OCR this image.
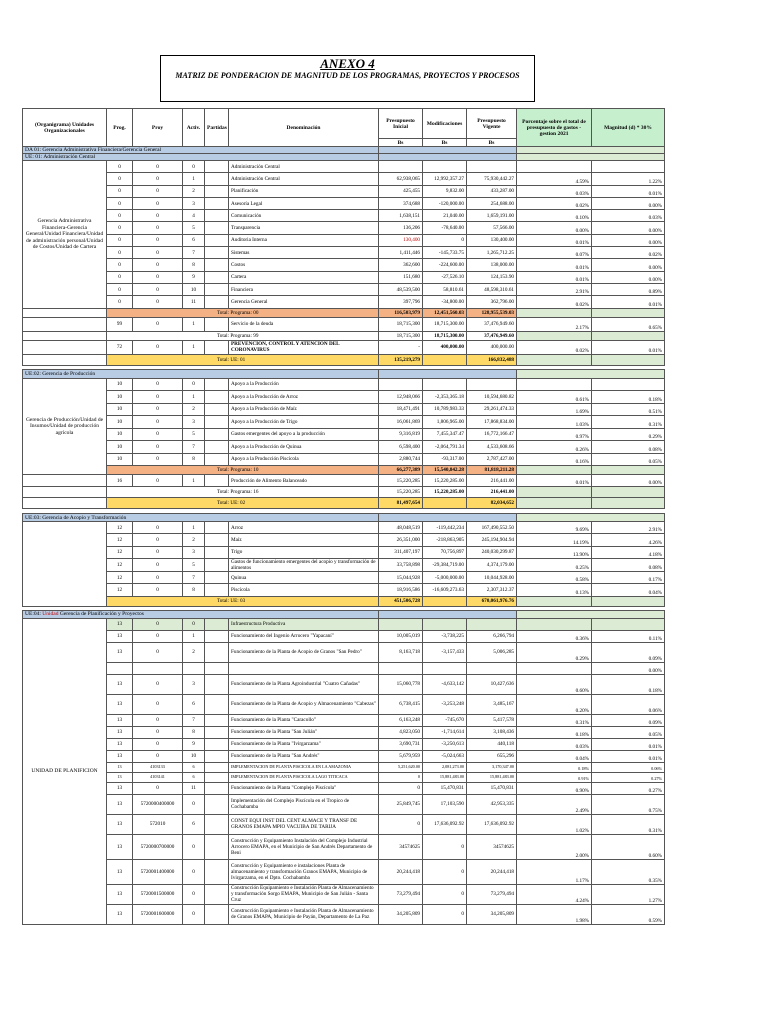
ANEXO 4
MATRIZ DE PONDERACION DE MAGNITUD DE LOS PROGRAMAS, PROYECTOS Y PROCESOS
(Organigrama) Unidades Organizacionales	Prog.	Proy	Activ.	Partidas	Denominación	Presupuesto Inicial	Modificaciones	Presupuesto Vigente	Porcentaje sobre el total de presupuesto de gastos - gestion 2021	Magnitud (d) * 30%
						Bs	Bs	Bs		
DA 01: Gerencia Administrativa Financiera/Gerencia General										
UE: 01: Administración Central										
Gerencia Administrativa Financiera-Gerencia General/Unidad Financiera/Unidad de administración personal/Unidad de Costos/Unidad de Cartera	0	0	0		Administración Central					
	0	0	1		Administración Central	62,938,065	12,992,357.27	75,930,442.27	4.59%	1.22%
	0	0	2		Planificación	425,455	9,832.00	433,287.00	0.03%	0.01%
	0	0	3		Asesoría Legal	374,688	-120,000.00	254,688.00	0.02%	0.00%
	0	0	4		Comunicación	1,638,151	21,040.00	1,659,191.00	0.10%	0.03%
	0	0	5		Transparencia	136,206	-78,640.00	57,566.00	0.00%	0.00%
	0	0	6		Auditoria Interna	130,400	0	130,400.00	0.01%	0.00%
	0	0	7		Sistemas	1,411,446	-145,733.75	1,265,712.25	0.07%	0.02%
	0	0	8		Costos	362,600	-224,600.00	138,000.00	0.01%	0.00%
	0	0	9		Cartera	151,680	-27,526.10	124,153.90	0.01%	0.00%
	0	0	10		Financiera	48,539,500	58,810.61	48,598,310.61	2.91%	0.89%
	0	0	11		Gerencia General	397,796	-34,800.00	362,796.00	0.02%	0.01%
	Total: Programa: 00					116,503,979	12,451,560.03	128,955,539.03		
	99	0	1		Servicio de la deuda	18,715,300	18,715,300.00	37,476,949.60	2.17%	0.65%
	Total: Programa: 99					18,715,300	18,715,300.00	37,476,949.60		
	72	0	1		PREVENCION, CONTROL Y ATENCION DEL CORONAVIRUS	-	400,000.00	400,000.00	0.02%	0.01%
	Total: UE: 01					135,219,279		166,832,488		

UE:02: Gerencia de Producción										
Gerencia de Producción/Unidad de Insumos/Unidad de producción agrícola	10	0	0		Apoyo a la Producción					
	10	0	1		Apoyo a la Producción de Arroz	12,948,066	-2,353,365.18	10,594,680.82	0.61%	0.18%
	10	0	2		Apoyo a la Producción de Maíz	18,471,491	10,789,983.33	29,261,474.33	1.69%	0.51%
	10	0	3		Apoyo a la Producción de Trigo	16,061,869	1,806,965.00	17,868,834.00	1.03%	0.31%
	10	0	5		Gastos emergentes del apoyo a la producción	9,316,819	7,455,347.47	16,772,166.47	0.97%	0.29%
	10	0	7		Apoyo a la Producción de Quinua	6,598,400	-2,064,791.34	4,533,608.66	0.26%	0.08%
	10	0	8		Apoyo a la Producción Piscícola	2,880,744	-93,317.00	2,787,427.00	0.16%	0.05%
	Total: Programa: 10					66,277,389	15,540,842.28	81,818,211.28		
	16	0	1		Producción de Alimento Balanceado	15,220,285	15,220,285.00	216,441.00	0.01%	0.00%
	Total: Programa: 16					15,220,285	15,220,285.00	216,441.00		
	Total: UE: 02					81,497,654		82,034,652		

UE:03: Gerencia de Acopio y Transformación										
	12	0	1		Arroz	48,048,519	-119,442,234	167,490,552.50	9.69%	2.91%
	12	0	2		Maíz	26,351,000	-218,863,905	245,194,904.94	14.19%	4.26%
	12	0	3		Trigo	311,407,197	70,756,897	240,030,299.87	13.90%	4.18%
	12	0	5		Gastos de funcionamiento emergentes del acopio y transformación de alimentos	33,758,898	-29,384,719.00	4,374,179.00	0.25%	0.08%
	12	0	7		Quinua	15,044,928	-5,000,000.00	10,044,928.00	0.58%	0.17%
	12	0	8		Piscícola	18,916,586	-16,609,273.63	2,307,312.37	0.13%	0.04%
	Total: UE: 03					451,506,728		670,061,976.76		

UE:04: Unidad Gerencia de Planificación y Proyectos										
UNIDAD DE PLANIFICION	13	0	0		Infraestructura Productiva					
	13	0	1		Funcionamiento del Ingenio Arrocero "Yapacaní"	10,005,019	-3,738,225	6,266,794	0.36%	0.11%
	13	0	2		Funcionamiento de la Planta de Acopio de Granos "San Pedro"	8,163,718	-3,157,433	5,006,285	0.29%	0.09%
										0.00%
	13	0	3		Funcionamiento de la Planta Agroindustrial "Cuatro Cañadas"	15,060,778	-4,633,142	10,427,636	0.60%	0.18%
	13	0	6		Funcionamiento de la Planta de Acopio y Almacenamiento "Cabezas"	6,738,415	-3,253,248	3,485,167	0.20%	0.06%
	13	0	7		Funcionamiento de la Planta "Caracollo"	6,163,248	-745,670	5,417,578	0.31%	0.09%
	13	0	8		Funcionamiento de la Planta "San Julián"	4,823,050	-1,714,614	3,108,436	0.18%	0.05%
	13	0	9		Funcionamiento de la Planta "Ivirgarzama"	3,690,731	-3,250,613	440,118	0.03%	0.01%
	13	0	10		Funcionamiento de la Planta "San Andrés"	5,679,959	-5,024,663	655,296	0.04%	0.01%
	13	4103133	6		IMPLEMENTACION DE PLANTA PISCICOLA EN LA AMAZONIA	5,251,620.00	2,081,273.00	3,170,347.00	0.18%	0.06%
	13	4103141	6		IMPLEMENTACION DE PLANTA PISCICOLA LAGO TITICACA	0	15,881,483.00	15,881,483.00	0.91%	0.27%
	13	0	11		Funcionamiento de la Planta "Complejo Piscícola"	0	15,470,831	15,470,831	0.90%	0.27%
	13	5720000400000	0		Implementación del Complejo Piscícola en el Tropico de Cochabamba	25,849,745	17,103,590	42,953,335	2.49%	0.75%
	13	572010	6		CONST EQUI INST DEL CENT ALMACE Y TRANSF DE GRANOS EMAPA MPIO VACUIBA DE TARIJA	0	17,636,092.92	17,636,092.92	1.02%	0.31%
	13	5720000700000	0		Construcción y Equipamiento Instalación del Complejo Industrial Arrocero EMAPA, en el Municipio de San Andrés Departamento de Beni	34574625	0	34574625	2.00%	0.60%
	13	5720001400000	0		Construcción y Equipamiento e instalaciones Planta de almacenamiento y transformación Granos EMAPA, Municipio de Ivirgarzama, en el Dpto. Cochabamba	20,244,418	0	20,244,418	1.17%	0.35%
	13	5720001500000	0		Construcción Equipamiento e Instalación Planta de Almacenamiento y transformación Sorgo EMAPA, Municipio de San Julián - Santa Cruz	73,279,494	0	73,279,494	4.24%	1.27%
	13	5720001600000	0		Construcción Equipamiento e Instalación Planta de Almacenamiento de Granos EMAPA, Municipio de Payán, Departamento de La Paz	34,205,809	0	34,205,809	1.98%	0.59%
